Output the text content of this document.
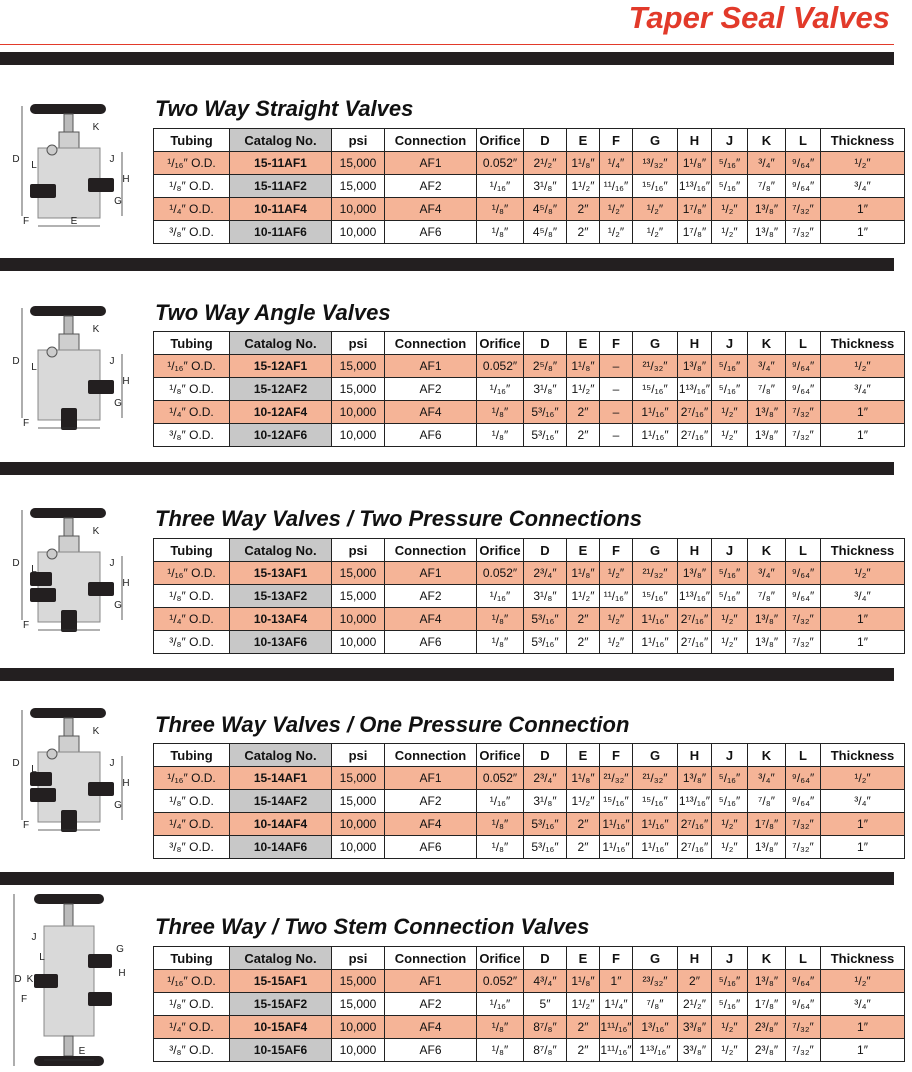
Taper Seal Valves
D
L
K
J
H
G
F	E
Two Way Straight Valves
Tubing	Catalog No.	psi	Connection	Orifice	D	E	F	G	H	J	K	L	Thickness
¹/₁₆″ O.D.	15-11AF1	15,000	AF1	0.052″	2¹/₂″	1¹/₈″	¹/₄″	¹³/₃₂″	1¹/₈″	⁵/₁₆″	³/₄″	⁹/₆₄″	¹/₂″
¹/₈″ O.D.	15-11AF2	15,000	AF2	¹/₁₆″	3¹/₈″	1¹/₂″	¹¹/₁₆″	¹⁵/₁₆″	1¹³/₁₆″	⁵/₁₆″	⁷/₈″	⁹/₆₄″	³/₄″
¹/₄″ O.D.	10-11AF4	10,000	AF4	¹/₈″	4⁵/₈″	2″	¹/₂″	¹/₂″	1⁷/₈″	¹/₂″	1³/₈″	⁷/₃₂″	1″
³/₈″ O.D.	10-11AF6	10,000	AF6	¹/₈″	4⁵/₈″	2″	¹/₂″	¹/₂″	1⁷/₈″	¹/₂″	1³/₈″	⁷/₃₂″	1″
D
L
K
J
H
G
F	E
Two Way Angle Valves
Tubing	Catalog No.	psi	Connection	Orifice	D	E	F	G	H	J	K	L	Thickness
¹/₁₆″ O.D.	15-12AF1	15,000	AF1	0.052″	2⁵/₈″	1¹/₈″	–	²¹/₃₂″	1³/₈″	⁵/₁₆″	³/₄″	⁹/₆₄″	¹/₂″
¹/₈″ O.D.	15-12AF2	15,000	AF2	¹/₁₆″	3¹/₈″	1¹/₂″	–	¹⁵/₁₆″	1¹³/₁₆″	⁵/₁₆″	⁷/₈″	⁹/₆₄″	³/₄″
¹/₄″ O.D.	10-12AF4	10,000	AF4	¹/₈″	5³/₁₆″	2″	–	1¹/₁₆″	2⁷/₁₆″	¹/₂″	1³/₈″	⁷/₃₂″	1″
³/₈″ O.D.	10-12AF6	10,000	AF6	¹/₈″	5³/₁₆″	2″	–	1¹/₁₆″	2⁷/₁₆″	¹/₂″	1³/₈″	⁷/₃₂″	1″
D
L
K
J
H
G
F	E
Three Way Valves / Two Pressure Connections
Tubing	Catalog No.	psi	Connection	Orifice	D	E	F	G	H	J	K	L	Thickness
¹/₁₆″ O.D.	15-13AF1	15,000	AF1	0.052″	2³/₄″	1¹/₈″	¹/₂″	²¹/₃₂″	1³/₈″	⁵/₁₆″	³/₄″	⁹/₆₄″	¹/₂″
¹/₈″ O.D.	15-13AF2	15,000	AF2	¹/₁₆″	3¹/₈″	1¹/₂″	¹¹/₁₆″	¹⁵/₁₆″	1¹³/₁₆″	⁵/₁₆″	⁷/₈″	⁹/₆₄″	³/₄″
¹/₄″ O.D.	10-13AF4	10,000	AF4	¹/₈″	5³/₁₆″	2″	¹/₂″	1¹/₁₆″	2⁷/₁₆″	¹/₂″	1³/₈″	⁷/₃₂″	1″
³/₈″ O.D.	10-13AF6	10,000	AF6	¹/₈″	5³/₁₆″	2″	¹/₂″	1¹/₁₆″	2⁷/₁₆″	¹/₂″	1³/₈″	⁷/₃₂″	1″
D
L
K
J
H
G
F	E
Three Way Valves / One Pressure Connection
Tubing	Catalog No.	psi	Connection	Orifice	D	E	F	G	H	J	K	L	Thickness
¹/₁₆″ O.D.	15-14AF1	15,000	AF1	0.052″	2³/₄″	1¹/₈″	²¹/₃₂″	²¹/₃₂″	1³/₈″	⁵/₁₆″	³/₄″	⁹/₆₄″	¹/₂″
¹/₈″ O.D.	15-14AF2	15,000	AF2	¹/₁₆″	3¹/₈″	1¹/₂″	¹⁵/₁₆″	¹⁵/₁₆″	1¹³/₁₆″	⁵/₁₆″	⁷/₈″	⁹/₆₄″	³/₄″
¹/₄″ O.D.	10-14AF4	10,000	AF4	¹/₈″	5³/₁₆″	2″	1¹/₁₆″	1¹/₁₆″	2⁷/₁₆″	¹/₂″	1⁷/₈″	⁷/₃₂″	1″
³/₈″ O.D.	10-14AF6	10,000	AF6	¹/₈″	5³/₁₆″	2″	1¹/₁₆″	1¹/₁₆″	2⁷/₁₆″	¹/₂″	1³/₈″	⁷/₃₂″	1″
D
L
K
J
H
G
F
E
Three Way / Two Stem Connection Valves
Tubing	Catalog No.	psi	Connection	Orifice	D	E	F	G	H	J	K	L	Thickness
¹/₁₆″ O.D.	15-15AF1	15,000	AF1	0.052″	4³/₄″	1¹/₈″	1″	²³/₃₂″	2″	⁵/₁₆″	1³/₈″	⁹/₆₄″	¹/₂″
¹/₈″ O.D.	15-15AF2	15,000	AF2	¹/₁₆″	5″	1¹/₂″	1¹/₄″	⁷/₈″	2¹/₂″	⁵/₁₆″	1⁷/₈″	⁹/₆₄″	³/₄″
¹/₄″ O.D.	10-15AF4	10,000	AF4	¹/₈″	8⁷/₈″	2″	1¹¹/₁₆″	1³/₁₆″	3³/₈″	¹/₂″	2³/₈″	⁷/₃₂″	1″
³/₈″ O.D.	10-15AF6	10,000	AF6	¹/₈″	8⁷/₈″	2″	1¹¹/₁₆″	1¹³/₁₆″	3³/₈″	¹/₂″	2³/₈″	⁷/₃₂″	1″
